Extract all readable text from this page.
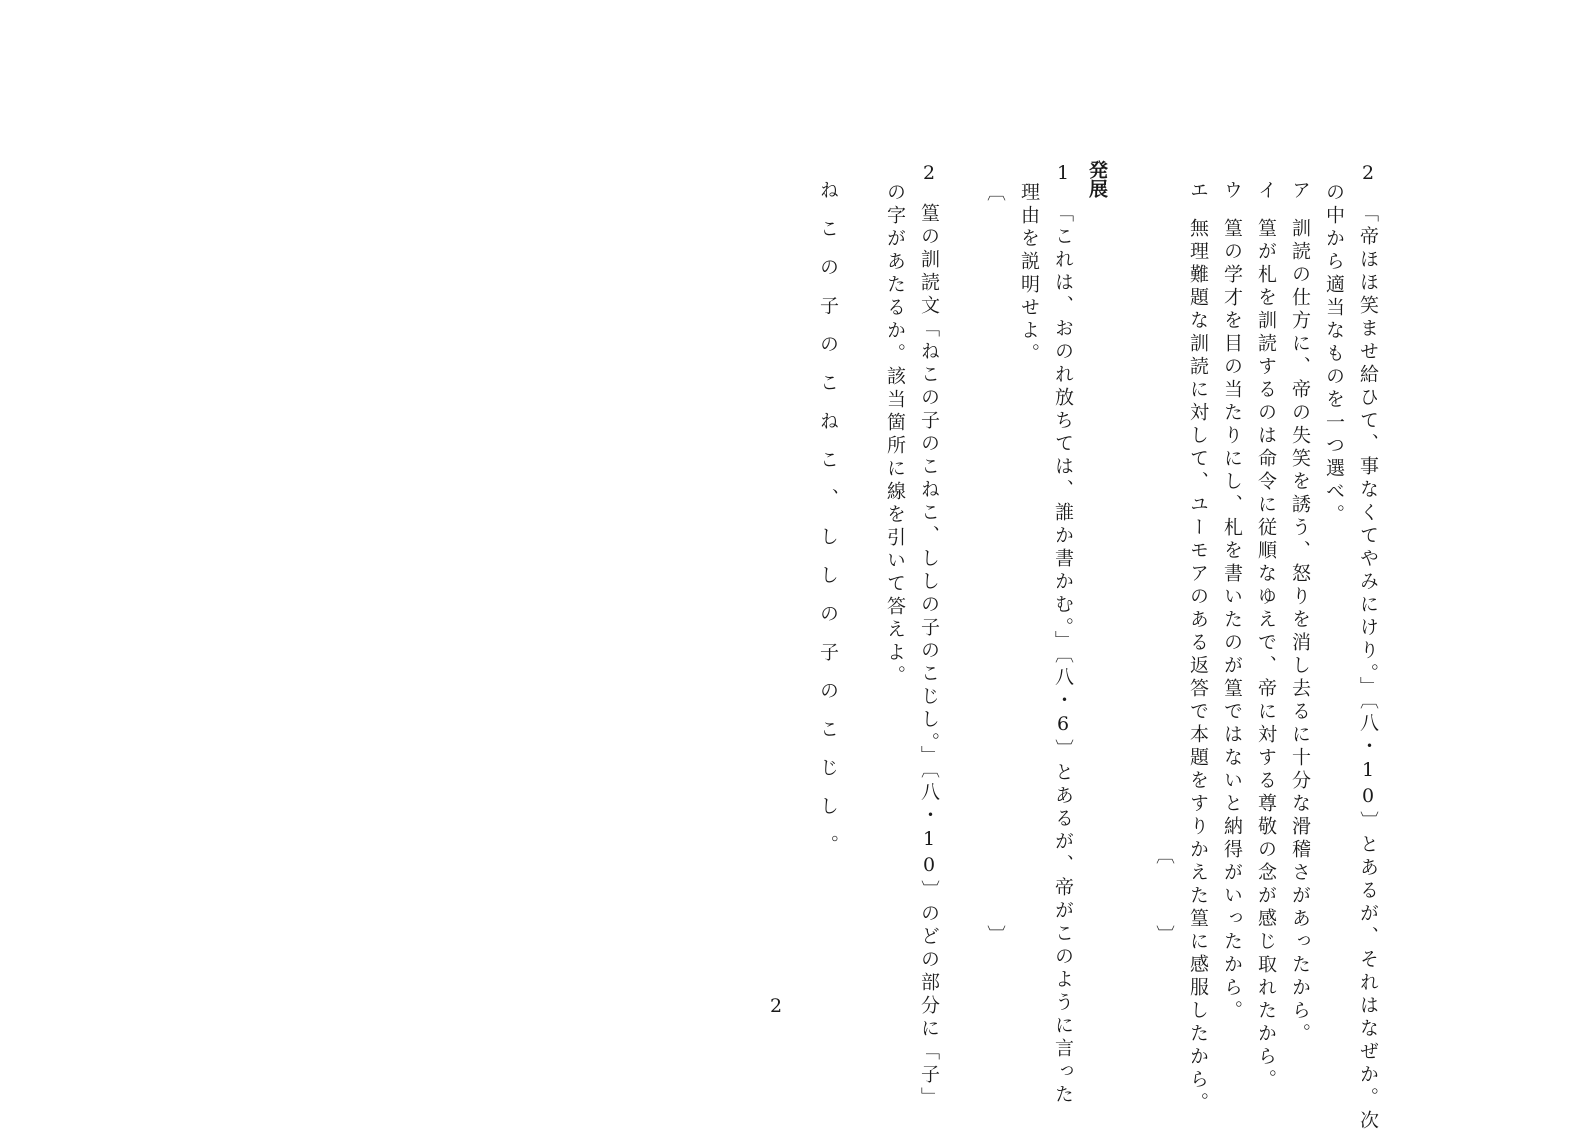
2
「帝ほほ笑ませ給ひて、事なくてやみにけり。」〔八・10〕とあるが、それはなぜか。次
の中から適当なものを一つ選べ。
ア
訓読の仕方に、帝の失笑を誘う、怒りを消し去るに十分な滑稽さがあったから。
イ
篁が札を訓読するのは命令に従順なゆえで、帝に対する尊敬の念が感じ取れたから。
ウ
篁の学才を目の当たりにし、札を書いたのが篁ではないと納得がいったから。
エ
無理難題な訓読に対して、ユーモアのある返答で本題をすりかえた篁に感服したから。
〔
〕
発展
1
「これは、おのれ放ちては、誰か書かむ。」〔八・6〕とあるが、帝がこのように言った
理由を説明せよ。
〔
〕
2
篁の訓読文「ねこの子のこねこ、ししの子のこじし。」〔八・10〕のどの部分に「子」
の字があたるか。該当箇所に線を引いて答えよ。
ねこの子のこねこ、ししの子のこじし。
2
